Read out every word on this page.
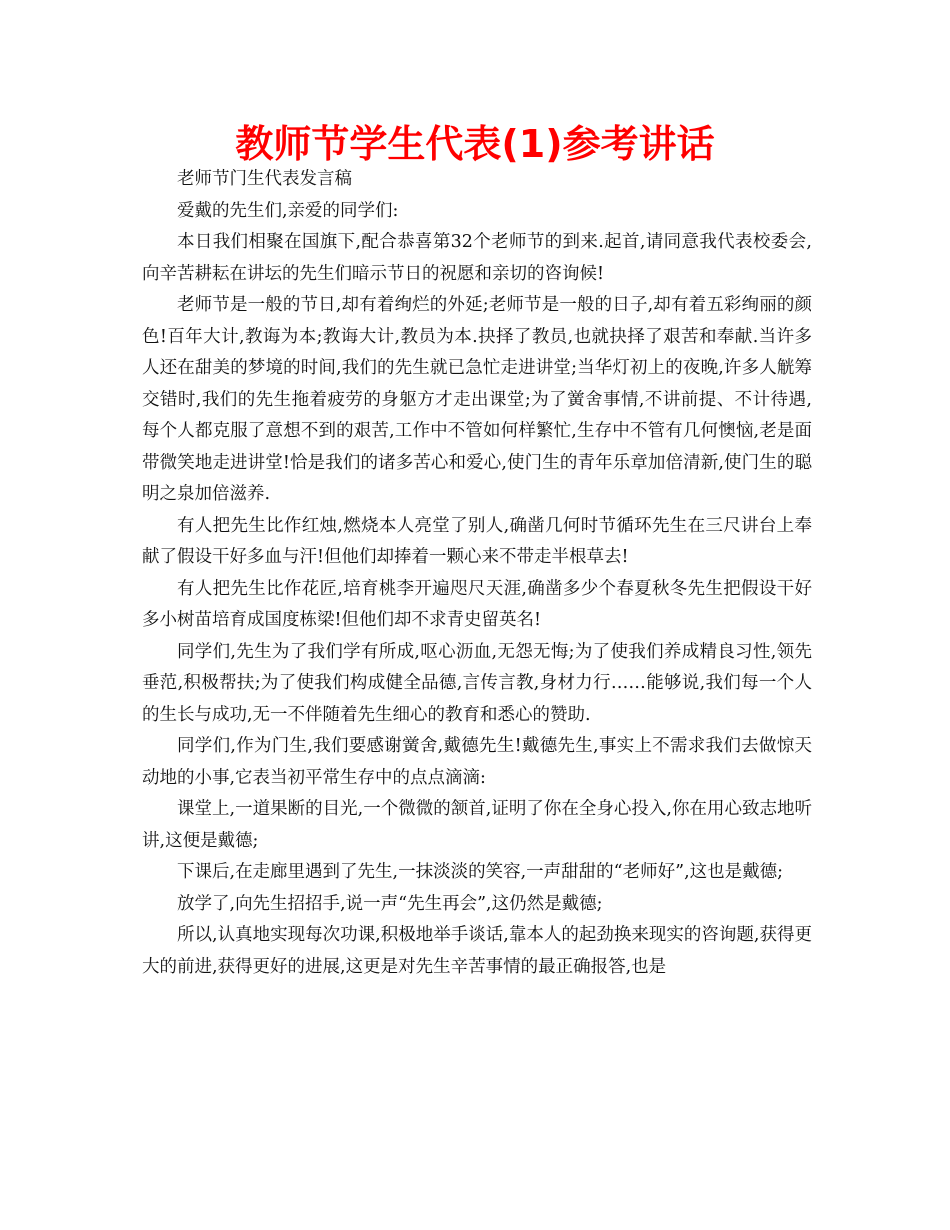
教师节学生代表(1)参考讲话

老师节门生代表发言稿

爱戴的先生们,亲爱的同学们:

本日我们相聚在国旗下,配合恭喜第32个老师节的到来.起首,请同意我代表校委会,向辛苦耕耘在讲坛的先生们暗示节日的祝愿和亲切的咨询候!

老师节是一般的节日,却有着绚烂的外延;老师节是一般的日子,却有着五彩绚丽的颜色!百年大计,教诲为本;教诲大计,教员为本.抉择了教员,也就抉择了艰苦和奉献.当许多人还在甜美的梦境的时间,我们的先生就已急忙走进讲堂;当华灯初上的夜晚,许多人觥筹交错时,我们的先生拖着疲劳的身躯方才走出课堂;为了黉舍事情,不讲前提、不计待遇,每个人都克服了意想不到的艰苦,工作中不管如何样繁忙,生存中不管有几何懊恼,老是面带微笑地走进讲堂!恰是我们的诸多苦心和爱心,使门生的青年乐章加倍清新,使门生的聪明之泉加倍滋养.

有人把先生比作红烛,燃烧本人亮堂了别人,确凿几何时节循环先生在三尺讲台上奉献了假设干好多血与汗!但他们却捧着一颗心来不带走半根草去!

有人把先生比作花匠,培育桃李开遍咫尺天涯,确凿多少个春夏秋冬先生把假设干好多小树苗培育成国度栋梁!但他们却不求青史留英名!

同学们,先生为了我们学有所成,呕心沥血,无怨无悔;为了使我们养成精良习性,领先垂范,积极帮扶;为了使我们构成健全品德,言传言教,身材力行……能够说,我们每一个人的生长与成功,无一不伴随着先生细心的教育和悉心的赞助.

同学们,作为门生,我们要感谢黉舍,戴德先生!戴德先生,事实上不需求我们去做惊天动地的小事,它表当初平常生存中的点点滴滴:

课堂上,一道果断的目光,一个微微的颔首,证明了你在全身心投入,你在用心致志地听讲,这便是戴德;

下课后,在走廊里遇到了先生,一抹淡淡的笑容,一声甜甜的“老师好”,这也是戴德;

放学了,向先生招招手,说一声“先生再会”,这仍然是戴德;

所以,认真地实现每次功课,积极地举手谈话,靠本人的起劲换来现实的咨询题,获得更大的前进,获得更好的进展,这更是对先生辛苦事情的最正确报答,也是
